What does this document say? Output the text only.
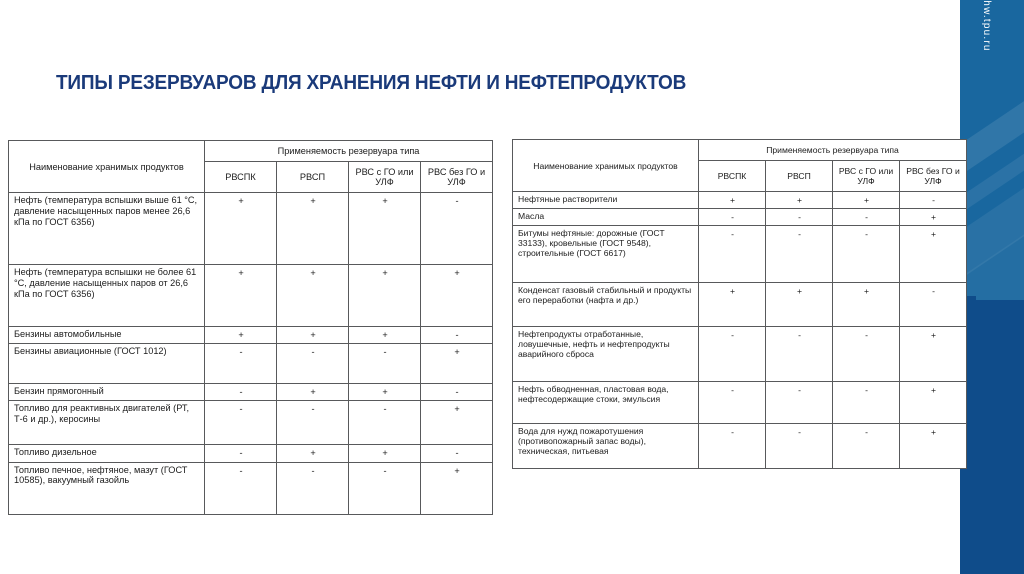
hw.tpu.ru
ТИПЫ РЕЗЕРВУАРОВ ДЛЯ ХРАНЕНИЯ НЕФТИ И НЕФТЕПРОДУКТОВ
Наименование хранимых продуктов	Применяемость резервуара типа			
	РВСПК	РВСП	РВС с ГО или УЛФ	РВС без ГО и УЛФ
Нефть (температура вспышки выше 61 °С, давление насыщенных паров менее 26,6 кПа по ГОСТ 6356)	+	+	+	-
Нефть (температура вспышки не более 61 °С, давление насыщенных паров от 26,6 кПа по ГОСТ 6356)	+	+	+	+
Бензины автомобильные	+	+	+	-
Бензины авиационные (ГОСТ 1012)	-	-	-	+
Бензин прямогонный	-	+	+	-
Топливо для реактивных двигателей (РТ, Т-6 и др.), керосины	-	-	-	+
Топливо дизельное	-	+	+	-
Топливо печное, нефтяное, мазут (ГОСТ 10585), вакуумный газойль	-	-	-	+
Наименование хранимых продуктов	Применяемость резервуара типа			
	РВСПК	РВСП	РВС с ГО или УЛФ	РВС без ГО и УЛФ
Нефтяные растворители	+	+	+	-
Масла	-	-	-	+
Битумы нефтяные: дорожные (ГОСТ 33133), кровельные (ГОСТ 9548), строительные (ГОСТ 6617)	-	-	-	+
Конденсат газовый стабильный и продукты его переработки (нафта и др.)	+	+	+	-
Нефтепродукты отработанные, ловушечные, нефть и нефтепродукты аварийного сброса	-	-	-	+
Нефть обводненная, пластовая вода, нефтесодержащие стоки, эмульсия	-	-	-	+
Вода для нужд пожаротушения (противопожарный запас воды), техническая, питьевая	-	-	-	+
